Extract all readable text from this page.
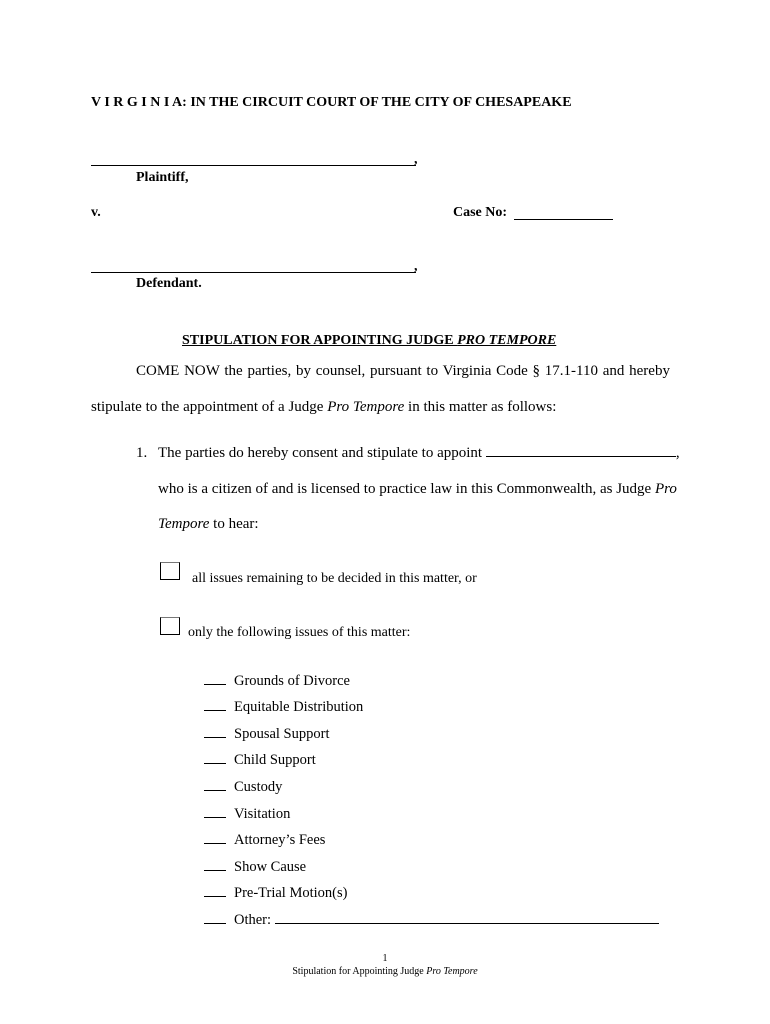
V I R G I N I A: IN THE CIRCUIT COURT OF THE CITY OF CHESAPEAKE
,
Plaintiff,
v.	Case No:
,
Defendant.
STIPULATION FOR APPOINTING JUDGE PRO TEMPORE
COME NOW the parties, by counsel, pursuant to Virginia Code § 17.1-110 and hereby
stipulate to the appointment of a Judge Pro Tempore in this matter as follows:
1. The parties do hereby consent and stipulate to appoint	,
who is a citizen of and is licensed to practice law in this Commonwealth, as Judge Pro
Tempore to hear:
all issues remaining to be decided in this matter, or
only the following issues of this matter:
Grounds of Divorce
Equitable Distribution
Spousal Support
Child Support
Custody
Visitation
Attorney’s Fees
Show Cause
Pre-Trial Motion(s)
Other:
1
Stipulation for Appointing Judge Pro Tempore
